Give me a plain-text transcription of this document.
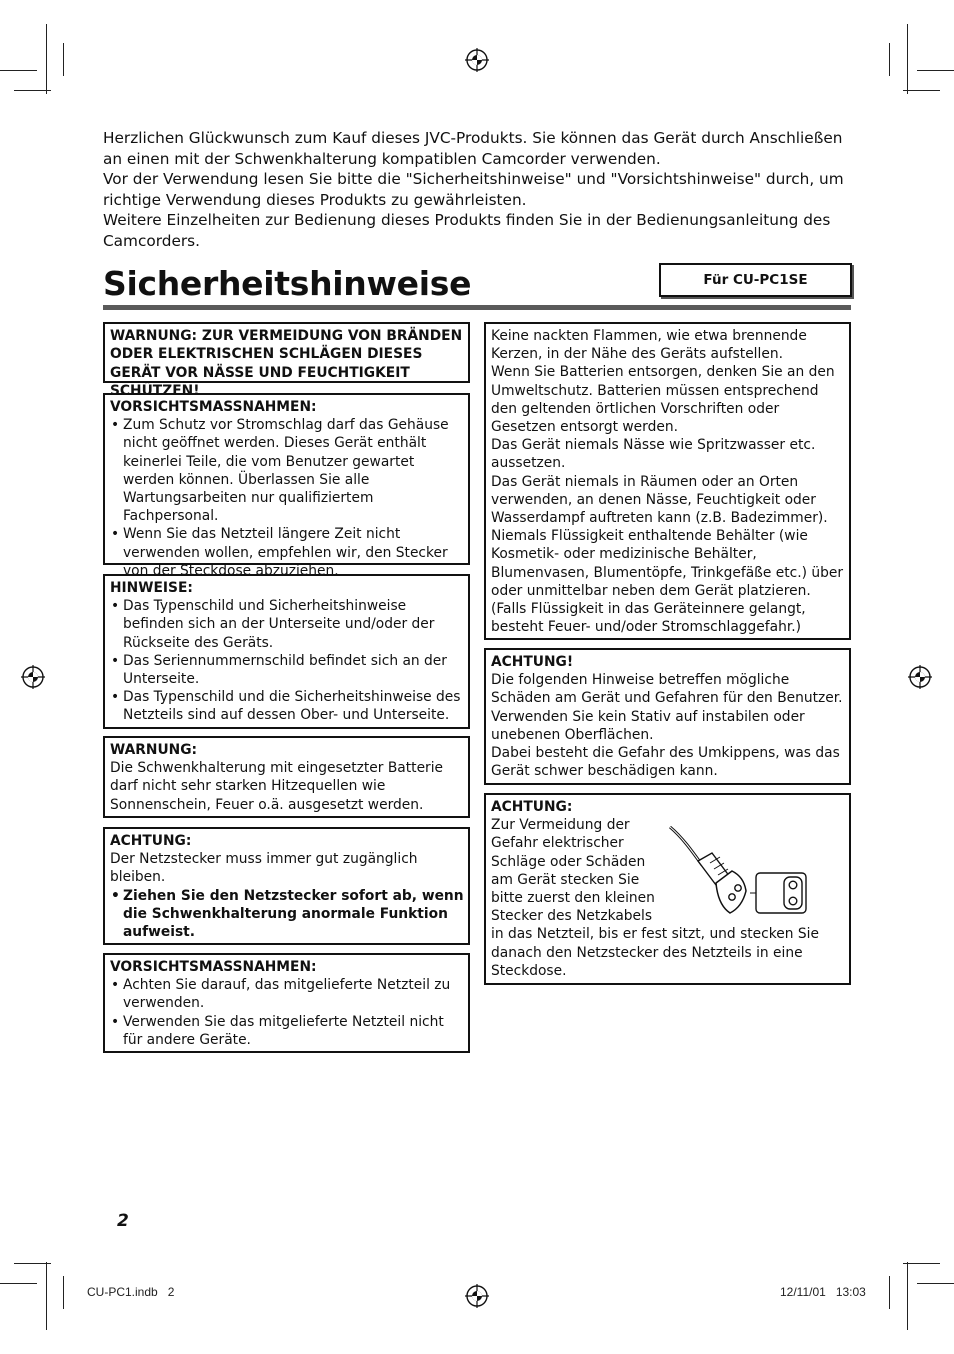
Herzlichen Glückwunsch zum Kauf dieses JVC-Produkts. Sie können das Gerät durch Anschließen an einen mit der Schwenkhalterung kompatiblen Camcorder verwenden.

Vor der Verwendung lesen Sie bitte die "Sicherheitshinweise" und "Vorsichtshinweise" durch, um richtige Verwendung dieses Produkts zu gewährleisten.

Weitere Einzelheiten zur Bedienung dieses Produkts finden Sie in der Bedienungsanleitung des Camcorders.

Sicherheitshinweise	Für CU-PC1SE
WARNUNG: ZUR VERMEIDUNG VON BRÄNDEN ODER ELEKTRISCHEN SCHLÄGEN DIESES GERÄT VOR NÄSSE UND FEUCHTIGKEIT SCHÜTZEN!
VORSICHTSMASSNAHMEN:
• Zum Schutz vor Stromschlag darf das Gehäuse nicht geöffnet werden. Dieses Gerät enthält keinerlei Teile, die vom Benutzer gewartet werden können. Überlassen Sie alle Wartungsarbeiten nur qualifiziertem Fachpersonal.
• Wenn Sie das Netzteil längere Zeit nicht verwenden wollen, empfehlen wir, den Stecker von der Steckdose abzuziehen.
HINWEISE:
• Das Typenschild und Sicherheitshinweise befinden sich an der Unterseite und/oder der Rückseite des Geräts.
• Das Seriennummernschild befindet sich an der Unterseite.
• Das Typenschild und die Sicherheitshinweise des Netzteils sind auf dessen Ober- und Unterseite.
WARNUNG:

Die Schwenkhalterung mit eingesetzter Batterie darf nicht sehr starken Hitzequellen wie Sonnenschein, Feuer o.ä. ausgesetzt werden.

ACHTUNG:

Der Netzstecker muss immer gut zugänglich bleiben.

• Ziehen Sie den Netzstecker sofort ab, wenn die Schwenkhalterung anormale Funktion aufweist.
VORSICHTSMASSNAHMEN:
• Achten Sie darauf, das mitgelieferte Netzteil zu verwenden.
• Verwenden Sie das mitgelieferte Netzteil nicht für andere Geräte.

Keine nackten Flammen, wie etwa brennende Kerzen, in der Nähe des Geräts aufstellen.

Wenn Sie Batterien entsorgen, denken Sie an den Umweltschutz. Batterien müssen entsprechend den geltenden örtlichen Vorschriften oder Gesetzen entsorgt werden.

Das Gerät niemals Nässe wie Spritzwasser etc. aussetzen.

Das Gerät niemals in Räumen oder an Orten verwenden, an denen Nässe, Feuchtigkeit oder Wasserdampf auftreten kann (z.B. Badezimmer).

Niemals Flüssigkeit enthaltende Behälter (wie Kosmetik- oder medizinische Behälter, Blumenvasen, Blumentöpfe, Trinkgefäße etc.) über oder unmittelbar neben dem Gerät platzieren. (Falls Flüssigkeit in das Geräteinnere gelangt, besteht Feuer- und/oder Stromschlaggefahr.)

ACHTUNG!

Die folgenden Hinweise betreffen mögliche Schäden am Gerät und Gefahren für den Benutzer.

Verwenden Sie kein Stativ auf instabilen oder unebenen Oberflächen.

Dabei besteht die Gefahr des Umkippens, was das Gerät schwer beschädigen kann.

ACHTUNG:

Zur Vermeidung der Gefahr elektrischer Schläge oder Schäden am Gerät stecken Sie bitte zuerst den kleinen Stecker des Netzkabels

in das Netzteil, bis er fest sitzt, und stecken Sie danach den Netzstecker des Netzteils in eine Steckdose.

2
CU-PC1.indb   2	12/11/01   13:03
